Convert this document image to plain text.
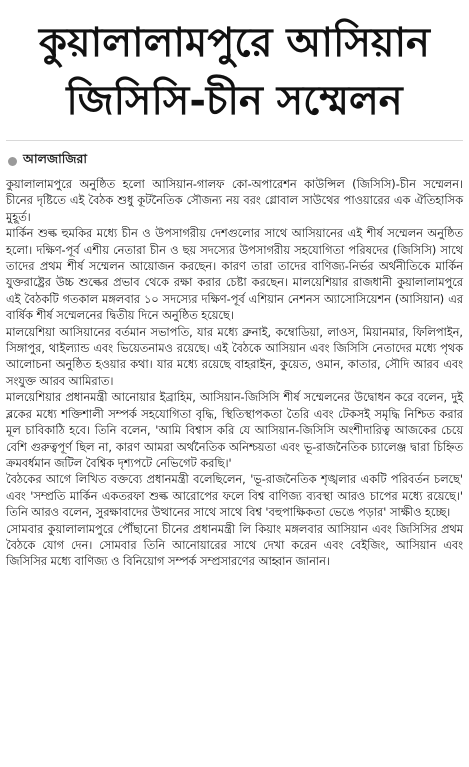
কুয়ালালামপুরে আসিয়ান
জিসিসি-চীন সম্মেলন
আলজাজিরা

কুয়ালালামপুরে অনুষ্ঠিত হলো আসিয়ান-গালফ কো-অপারেশন কাউন্সিল (জিসিসি)-চীন সম্মেলন। চীনের দৃষ্টিতে এই বৈঠক শুধু কূটনৈতিক সৌজন্য নয় বরং গ্লোবাল সাউথের পাওয়ারের এক ঐতিহাসিক মুহূর্ত।

মার্কিন শুল্ক হুমকির মধ্যে চীন ও উপসাগরীয় দেশগুলোর সাথে আসিয়ানের এই শীর্ষ সম্মেলন অনুষ্ঠিত হলো। দক্ষিণ-পূর্ব এশীয় নেতারা চীন ও ছয় সদস্যের উপসাগরীয় সহযোগিতা পরিষদের (জিসিসি) সাথে তাদের প্রথম শীর্ষ সম্মেলন আয়োজন করছেন। কারণ তারা তাদের বাণিজ্য-নির্ভর অর্থনীতিকে মার্কিন যুক্তরাষ্ট্রের উচ্চ শুল্কের প্রভাব থেকে রক্ষা করার চেষ্টা করছেন। মালয়েশিয়ার রাজধানী কুয়ালালামপুরে এই বৈঠকটি গতকাল মঙ্গলবার ১০ সদস্যের দক্ষিণ-পূর্ব এশিয়ান নেশনস অ্যাসোসিয়েশন (আসিয়ান) এর বার্ষিক শীর্ষ সম্মেলনের দ্বিতীয় দিনে অনুষ্ঠিত হয়েছে।

মালয়েশিয়া আসিয়ানের বর্তমান সভাপতি, যার মধ্যে ব্রুনাই, কম্বোডিয়া, লাওস, মিয়ানমার, ফিলিপাইন, সিঙ্গাপুর, থাইল্যান্ড এবং ভিয়েতনামও রয়েছে। এই বৈঠকে আসিয়ান এবং জিসিসি নেতাদের মধ্যে পৃথক আলোচনা অনুষ্ঠিত হওয়ার কথা। যার মধ্যে রয়েছে বাহরাইন, কুয়েত, ওমান, কাতার, সৌদি আরব এবং সংযুক্ত আরব আমিরাত।

মালয়েশিয়ার প্রধানমন্ত্রী আনোয়ার ইব্রাহিম, আসিয়ান-জিসিসি শীর্ষ সম্মেলনের উদ্বোধন করে বলেন, দুই ব্লকের মধ্যে শক্তিশালী সম্পর্ক সহযোগিতা বৃদ্ধি, স্থিতিস্থাপকতা তৈরি এবং টেকসই সমৃদ্ধি নিশ্চিত করার মূল চাবিকাঠি হবে। তিনি বলেন, 'আমি বিশ্বাস করি যে আসিয়ান-জিসিসি অংশীদারিত্ব আজকের চেয়ে বেশি গুরুত্বপূর্ণ ছিল না, কারণ আমরা অর্থনৈতিক অনিশ্চয়তা এবং ভূ-রাজনৈতিক চ্যালেঞ্জ দ্বারা চিহ্নিত ক্রমবর্ধমান জটিল বৈশ্বিক দৃশ্যপটে নেভিগেট করছি।'

বৈঠকের আগে লিখিত বক্তব্যে প্রধানমন্ত্রী বলেছিলেন, 'ভূ-রাজনৈতিক শৃঙ্খলার একটি পরিবর্তন চলছে' এবং 'সম্প্রতি মার্কিন একতরফা শুল্ক আরোপের ফলে বিশ্ব বাণিজ্য ব্যবস্থা আরও চাপের মধ্যে রয়েছে।' তিনি আরও বলেন, সুরক্ষাবাদের উত্থানের সাথে সাথে বিশ্ব 'বহুপাক্ষিকতা ভেঙে পড়ার' সাক্ষীও হচ্ছে।

সোমবার কুয়ালালামপুরে পৌঁছানো চীনের প্রধানমন্ত্রী লি কিয়াং মঙ্গলবার আসিয়ান এবং জিসিসির প্রথম বৈঠকে যোগ দেন। সোমবার তিনি আনোয়ারের সাথে দেখা করেন এবং বেইজিং, আসিয়ান এবং জিসিসির মধ্যে বাণিজ্য ও বিনিয়োগ সম্পর্ক সম্প্রসারণের আহ্বান জানান।
